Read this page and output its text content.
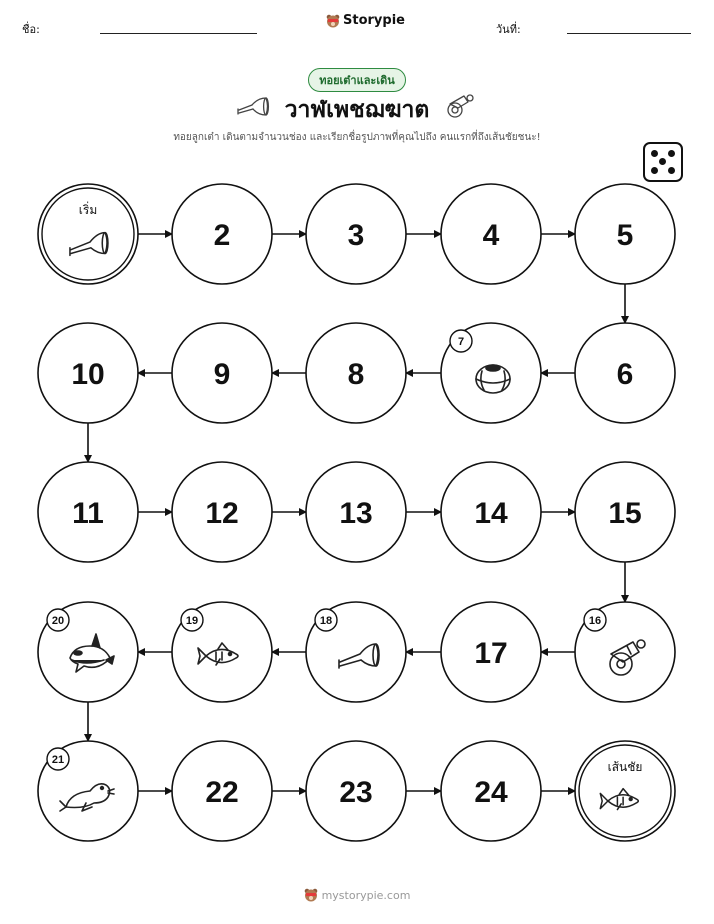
ชื่อ:
Storypie
วันที่:
ทอยเต๋าและเดิน
วาฬเพชฌฆาต
ทอยลูกเต๋า เดินตามจำนวนช่อง และเรียกชื่อรูปภาพที่คุณไปถึง คนแรกที่ถึงเส้นชัยชนะ!
เริ่ม
2	3	4	5
6
7
8
9
10
11	12	13	14	15
16
17
18
19
20
21
22	23	24
เส้นชัย
mystorypie.com
